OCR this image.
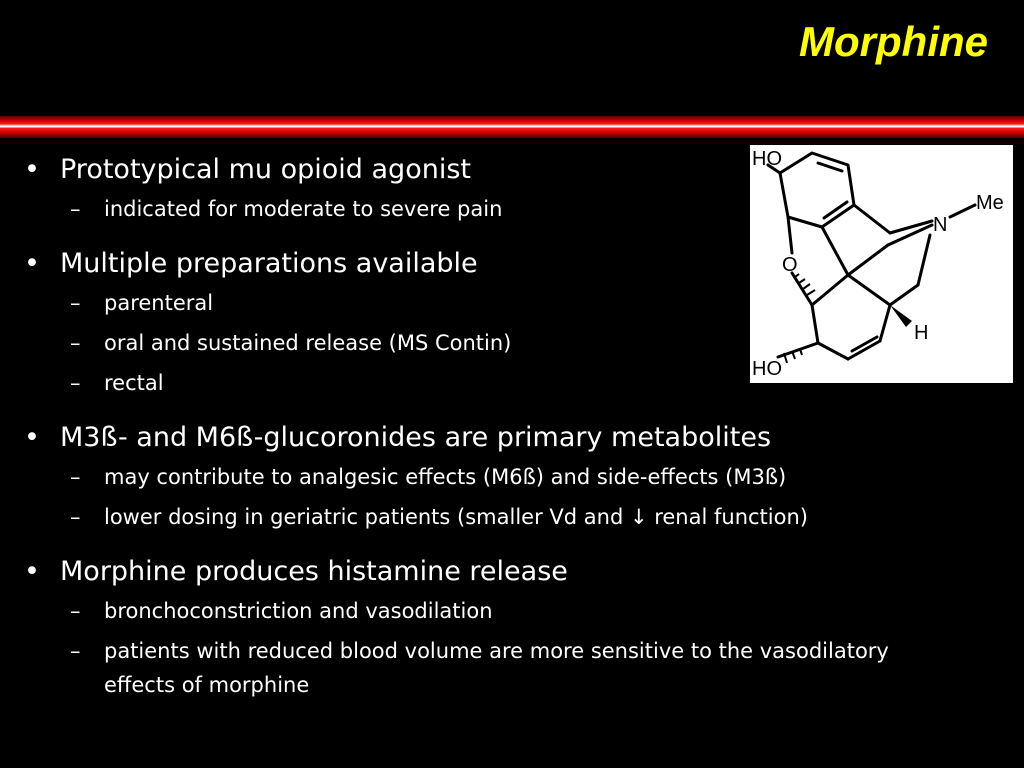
Morphine
• Prototypical mu opioid agonist
– indicated for moderate to severe pain
• Multiple preparations available
– parenteral
– oral and sustained release (MS Contin)
– rectal
• M3ß- and M6ß-glucoronides are primary metabolites
– may contribute to analgesic effects (M6ß) and side-effects (M3ß)
– lower dosing in geriatric patients (smaller Vd and ↓ renal function)
• Morphine produces histamine release
– bronchoconstriction and vasodilation
– patients with reduced blood volume are more sensitive to the vasodilatory effects of morphine
HO
O
N
Me
H
HO
